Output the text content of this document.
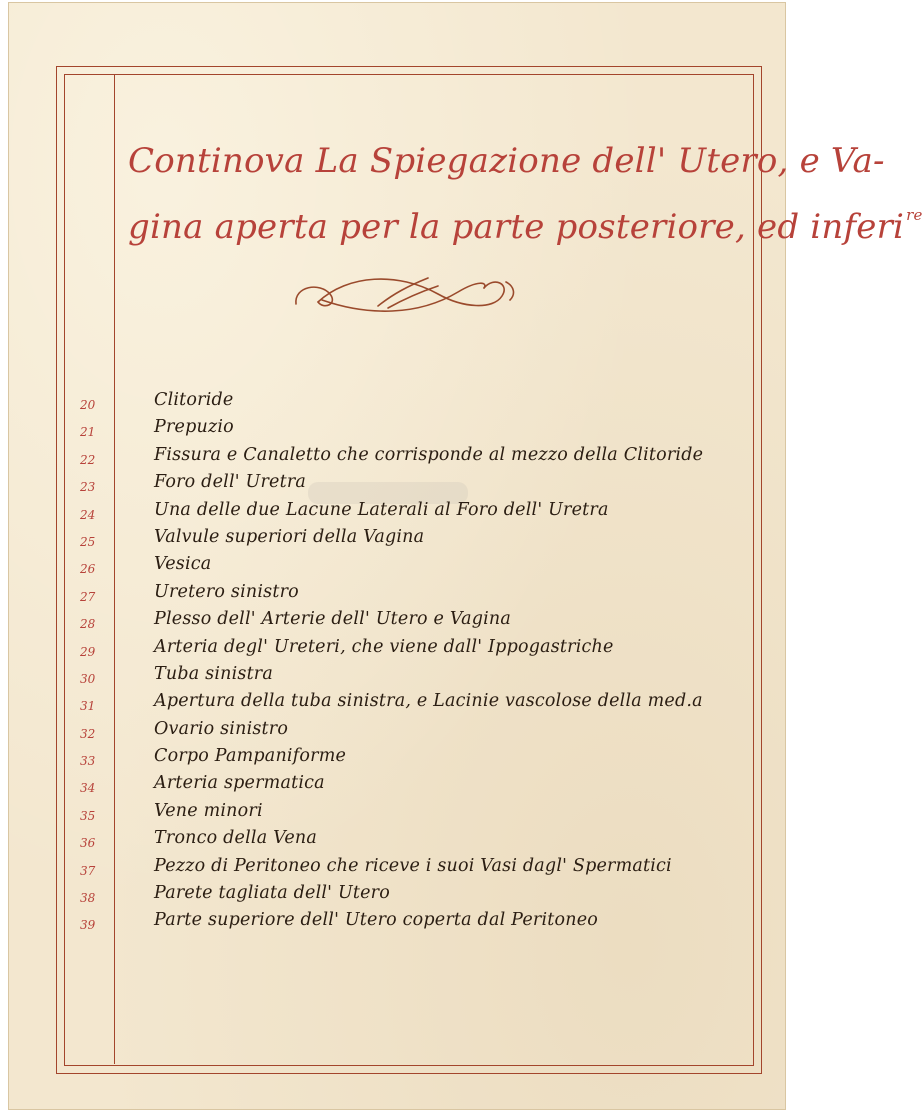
Continova La Spiegazione dell' Utero, e Va-
gina aperta per la parte posteriore, ed inferi $^{re}$
20	Clitoride
21	Prepuzio
22	Fissura e Canaletto che corrisponde al mezzo della Clitoride
23	Foro dell' Uretra
24	Una delle due Lacune Laterali al Foro dell' Uretra
25	Valvule superiori della Vagina
26	Vesica
27	Uretero sinistro
28	Plesso dell' Arterie dell' Utero e Vagina
29	Arteria degl' Ureteri, che viene dall' Ippogastriche
30	Tuba sinistra
31	Apertura della tuba sinistra, e Lacinie vascolose della med.a
32	Ovario sinistro
33	Corpo Pampaniforme
34	Arteria spermatica
35	Vene minori
36	Tronco della Vena
37	Pezzo di Peritoneo che riceve i suoi Vasi dagl' Spermatici
38	Parete tagliata dell' Utero
39	Parte superiore dell' Utero coperta dal Peritoneo
